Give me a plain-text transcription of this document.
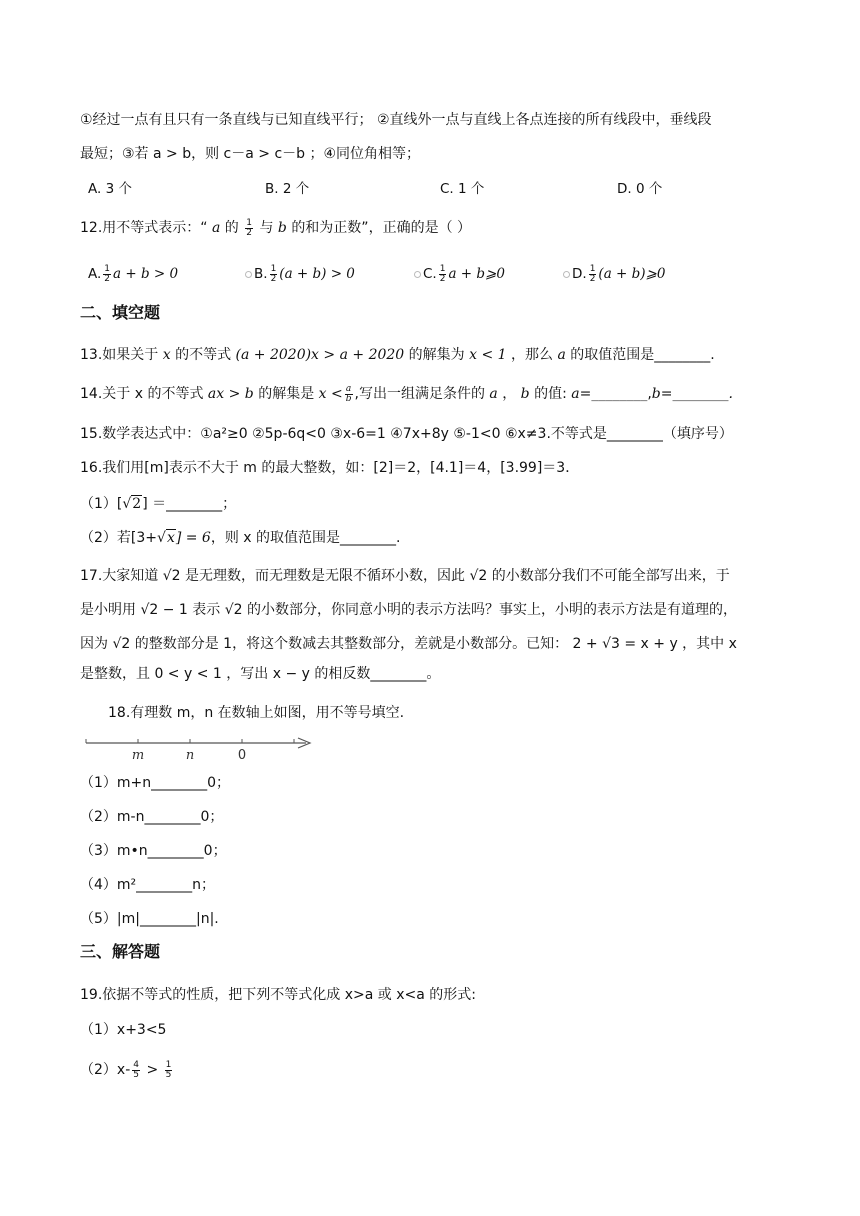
①经过一点有且只有一条直线与已知直线平行； ②直线外一点与直线上各点连接的所有线段中，垂线段
最短；③若 a > b，则 c－a > c－b ；④同位角相等；
A. 3 个	B. 2 个	C. 1 个	D. 0 个
12.用不等式表示：“ a 的 $\frac{1}{2}$ 与 b 的和为正数”，正确的是（ ）
A. $\frac{1}{2}$ a + b > 0	B. $\frac{1}{2} (a + b) > 0$	C. $\frac{1}{2}$ a + b⩾0	D. $\frac{1}{2} (a$ + b)⩾0
二、填空题
13.如果关于 x 的不等式 (a + 2020)x > a + 2020 的解集为 x < 1 ，那么 a 的取值范围是________.
14.关于 x 的不等式 ax > b 的解集是 $x < \frac{a}{b}$ ,写出一组满足条件的 a ， b 的值: a=________,b=________.
15.数学表达式中：①a²≥0 ②5p-6q<0 ③x-6=1 ④7x+8y ⑤-1<0 ⑥x≠3.不等式是________（填序号）
16.我们用[m]表示不大于 m 的最大整数，如：[2]＝2，[4.1]＝4，[3.99]＝3．
（1）[√2] ＝________；
（2）若[3+√x] = 6，则 x 的取值范围是________.
17.大家知道 √2 是无理数，而无理数是无限不循环小数，因此 √2 的小数部分我们不可能全部写出来，于
是小明用 √2 − 1 表示 √2 的小数部分，你同意小明的表示方法吗？事实上，小明的表示方法是有道理的，
因为 √2 的整数部分是 1，将这个数减去其整数部分，差就是小数部分。已知： 2 + √3 = x + y ，其中 x
是整数，且 0 < y < 1 ，写出 x − y 的相反数________。
18.有理数 m，n 在数轴上如图，用不等号填空.
m	n	0
（1）m+n________0；
（2）m-n________0；
（3）m•n________0；
（4）m²________n；
（5）|m|________|n|.
三、解答题
19.依据不等式的性质，把下列不等式化成 x>a 或 x<a 的形式:
（1）x+3<5
$(2)x- \frac{4}{5} > \frac{1}{5}$
